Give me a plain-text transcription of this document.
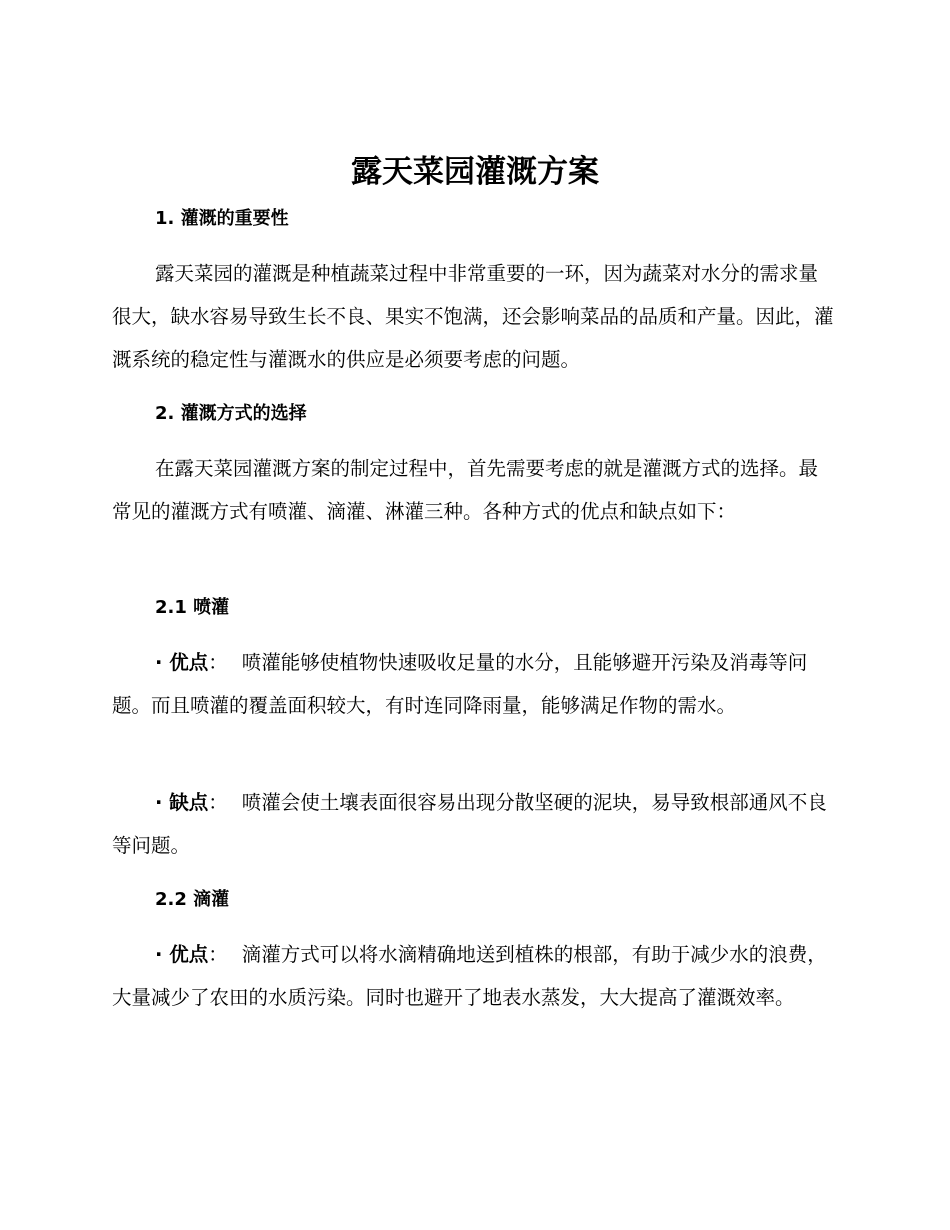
露天菜园灌溉方案
1. 灌溉的重要性

露天菜园的灌溉是种植蔬菜过程中非常重要的一环，因为蔬菜对水分的需求量很大，缺水容易导致生长不良、果实不饱满，还会影响菜品的品质和产量。因此，灌溉系统的稳定性与灌溉水的供应是必须要考虑的问题。

2. 灌溉方式的选择

在露天菜园灌溉方案的制定过程中，首先需要考虑的就是灌溉方式的选择。最常见的灌溉方式有喷灌、滴灌、淋灌三种。各种方式的优点和缺点如下：

2.1 喷灌

· 优点： 喷灌能够使植物快速吸收足量的水分，且能够避开污染及消毒等问题。而且喷灌的覆盖面积较大，有时连同降雨量，能够满足作物的需水。

· 缺点： 喷灌会使土壤表面很容易出现分散坚硬的泥块，易导致根部通风不良等问题。

2.2 滴灌

· 优点： 滴灌方式可以将水滴精确地送到植株的根部，有助于减少水的浪费，大量减少了农田的水质污染。同时也避开了地表水蒸发，大大提高了灌溉效率。
